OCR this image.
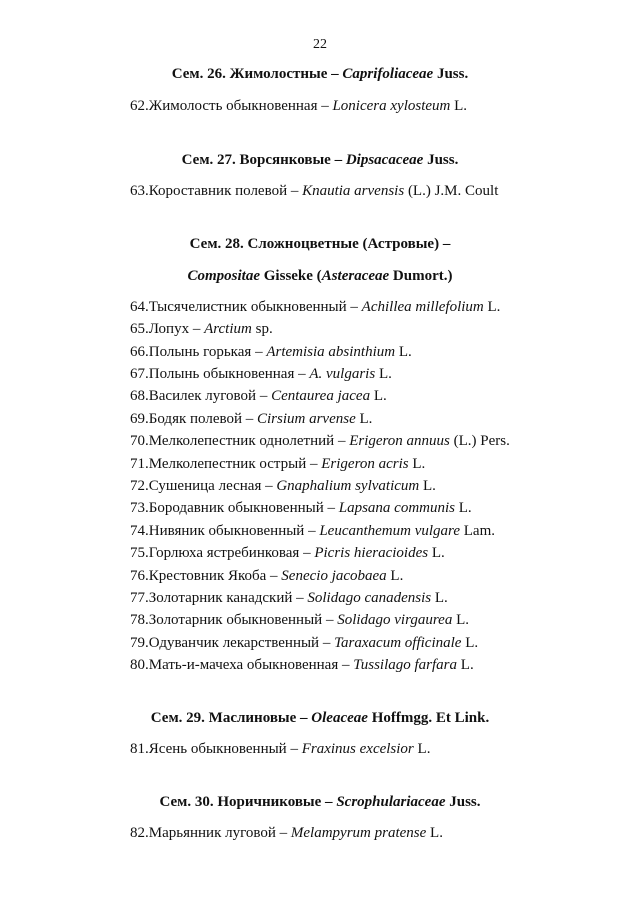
22
Сем. 26. Жимолостные – Caprifoliaceae Juss.
62.Жимолость обыкновенная – Lonicera xylosteum L.
Сем. 27. Ворсянковые – Dipsacaceae Juss.
63.Короставник полевой – Knautia arvensis (L.) J.M. Coult
Сем. 28. Сложноцветные (Астровые) –
Compositae Gisseke (Asteraceae Dumort.)
64.Тысячелистник обыкновенный – Achillea millefolium L.
65.Лопух – Arctium sp.
66.Полынь горькая – Artemisia absinthium L.
67.Полынь обыкновенная – A. vulgaris L.
68.Василек луговой – Centaurea jacea L.
69.Бодяк полевой – Cirsium arvense L.
70.Мелколепестник однолетний – Erigeron annuus (L.) Pers.
71.Мелколепестник острый – Erigeron acris L.
72.Сушеница лесная – Gnaphalium sylvaticum L.
73.Бородавник обыкновенный – Lapsana communis L.
74.Нивяник обыкновенный – Leucanthemum vulgare Lam.
75.Горлюха ястребинковая – Picris hieracioides L.
76.Крестовник Якоба – Senecio jacobaea L.
77.Золотарник канадский – Solidago canadensis L.
78.Золотарник обыкновенный – Solidago virgaurea L.
79.Одуванчик лекарственный – Taraxacum officinale L.
80.Мать-и-мачеха обыкновенная – Tussilago farfara L.
Сем. 29. Маслиновые – Oleaceae Hoffmgg. Et Link.
81.Ясень обыкновенный – Fraxinus excelsior L.
Сем. 30. Норичниковые – Scrophulariaceae Juss.
82.Марьянник луговой – Melampyrum pratense L.
